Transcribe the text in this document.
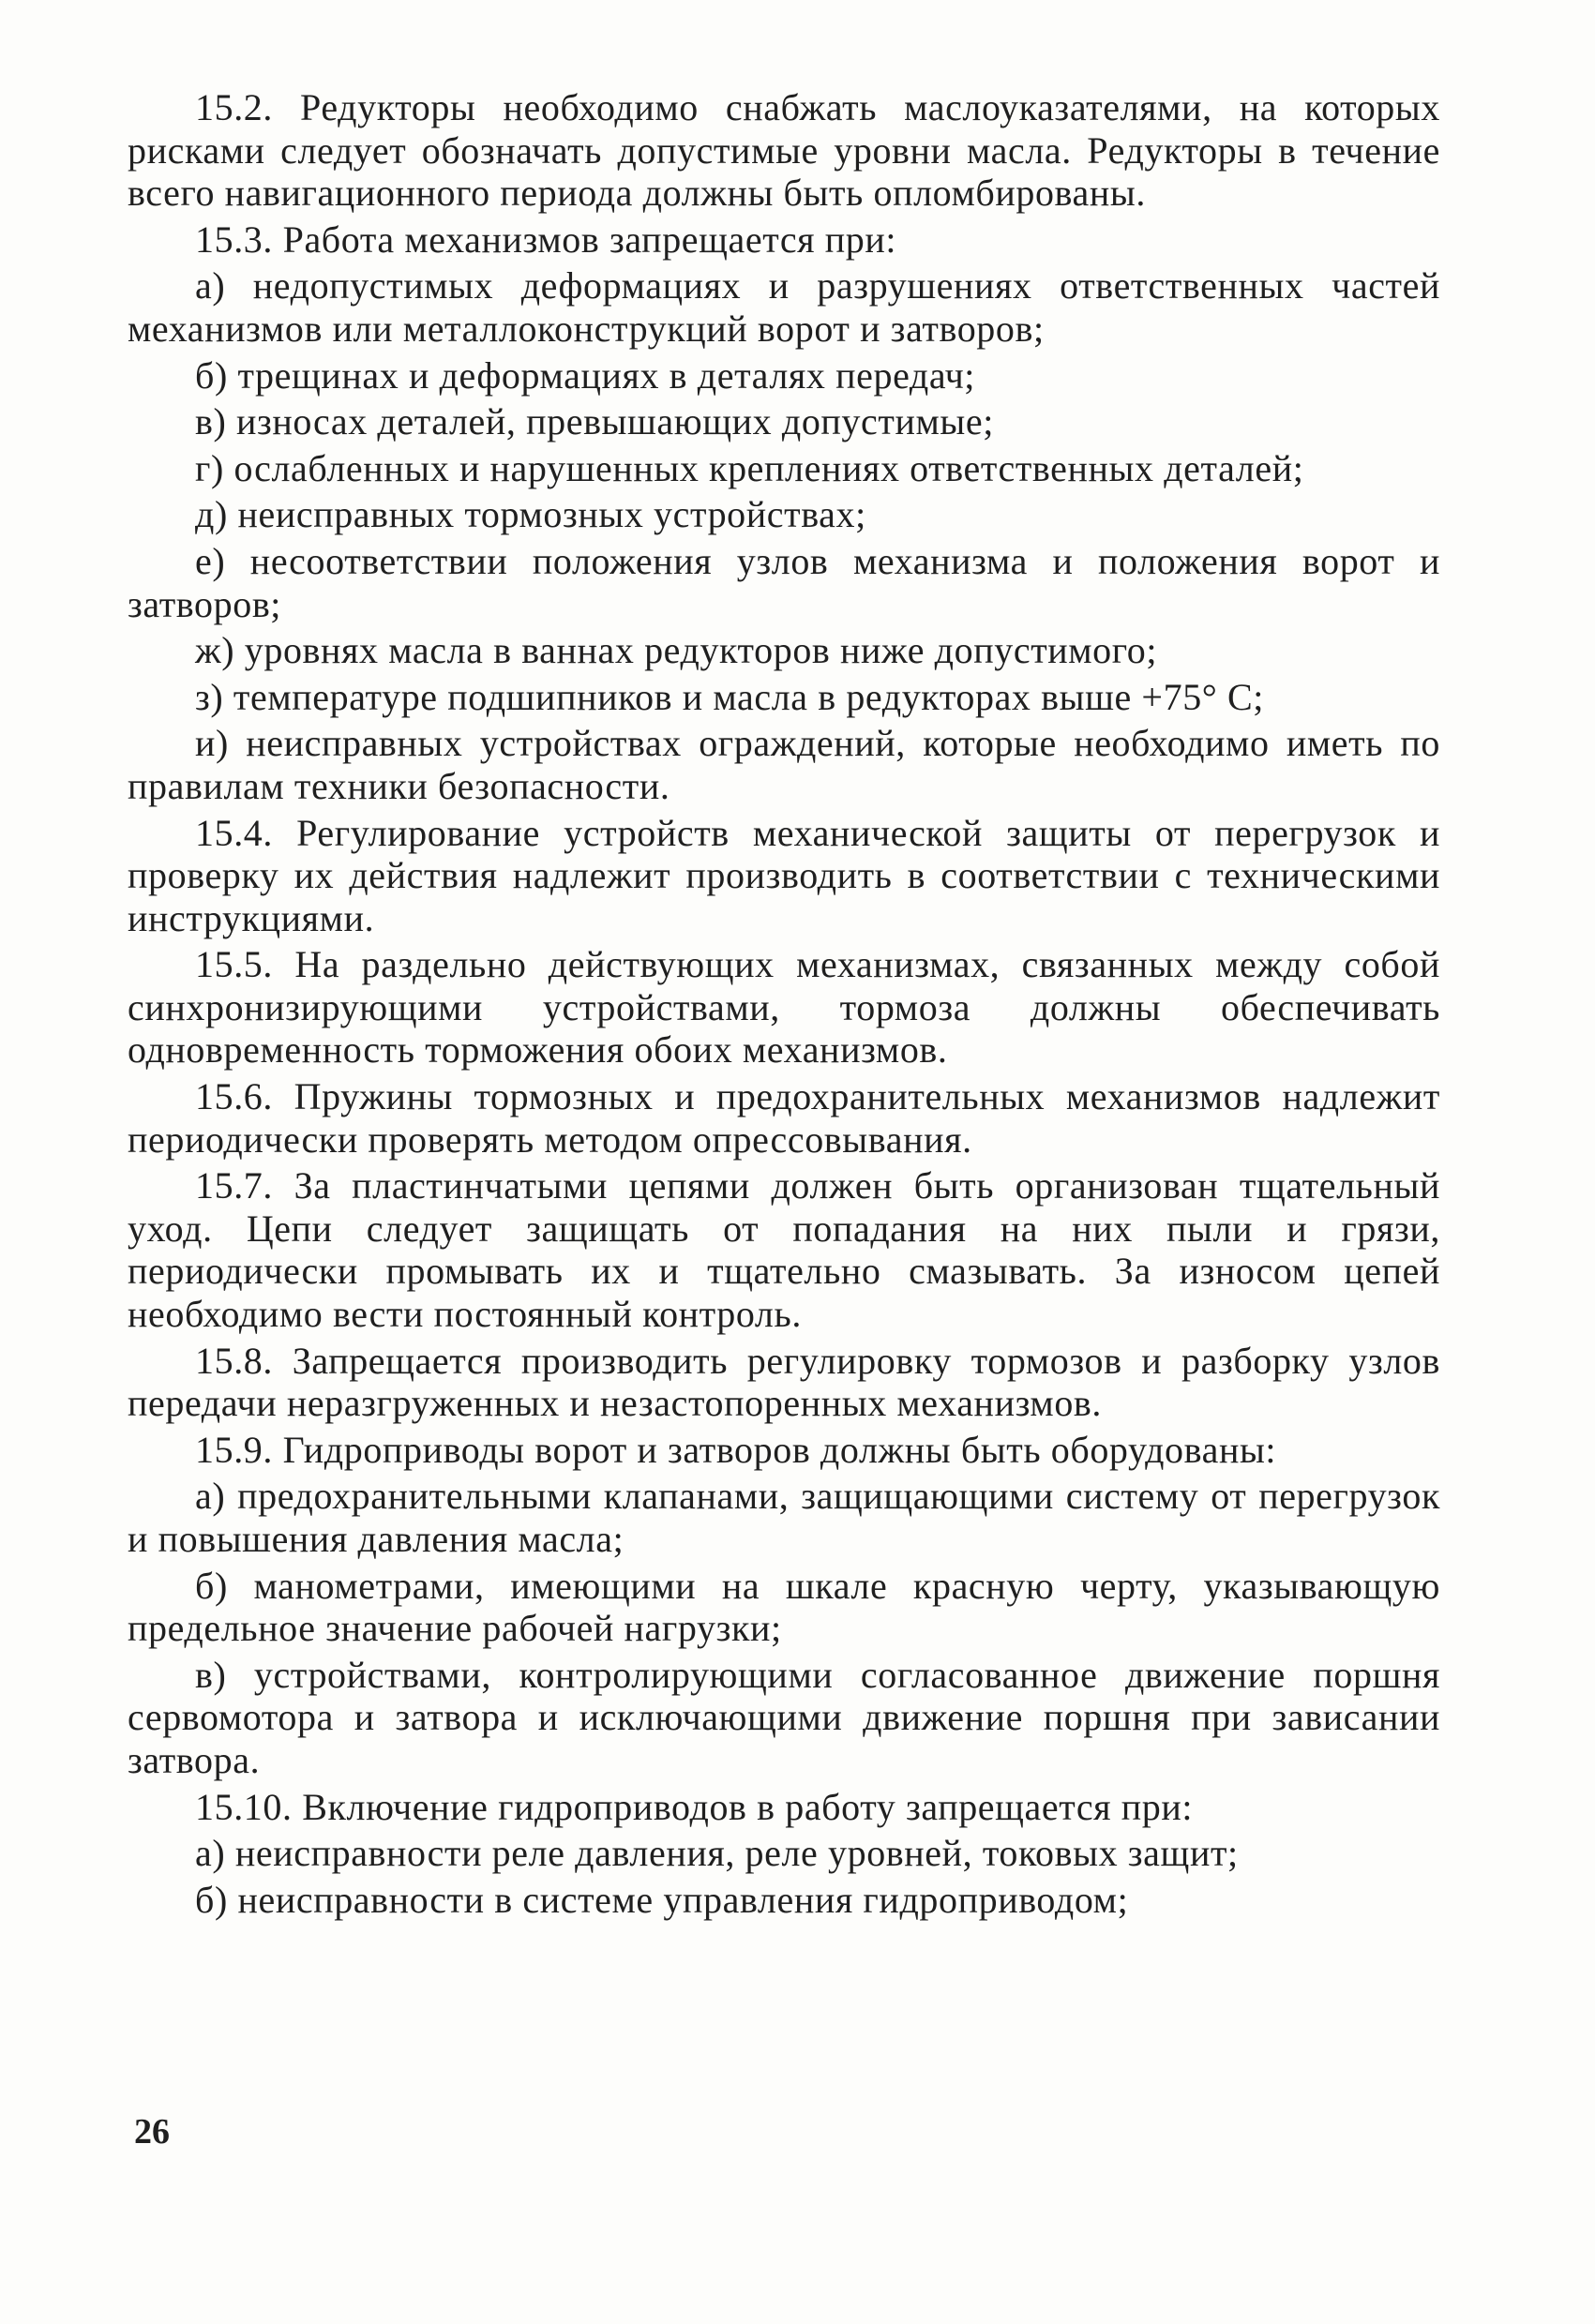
15.2. Редукторы необходимо снабжать маслоуказателями, на которых рисками следует обозначать допустимые уровни масла. Редукторы в течение всего навигационного периода должны быть опломбированы.

15.3. Работа механизмов запрещается при:

а) недопустимых деформациях и разрушениях ответственных частей механизмов или металлоконструкций ворот и затворов;

б) трещинах и деформациях в деталях передач;

в) износах деталей, превышающих допустимые;

г) ослабленных и нарушенных креплениях ответственных деталей;

д) неисправных тормозных устройствах;

е) несоответствии положения узлов механизма и положения ворот и затворов;

ж) уровнях масла в ваннах редукторов ниже допустимого;

з) температуре подшипников и масла в редукторах выше +75° С;

и) неисправных устройствах ограждений, которые необходимо иметь по правилам техники безопасности.

15.4. Регулирование устройств механической защиты от перегрузок и проверку их действия надлежит производить в соответствии с техническими инструкциями.

15.5. На раздельно действующих механизмах, связанных между собой синхронизирующими устройствами, тормоза должны обеспечивать одновременность торможения обоих механизмов.

15.6. Пружины тормозных и предохранительных механизмов надлежит периодически проверять методом опрессовывания.

15.7. За пластинчатыми цепями должен быть организован тщательный уход. Цепи следует защищать от попадания на них пыли и грязи, периодически промывать их и тщательно смазывать. За износом цепей необходимо вести постоянный контроль.

15.8. Запрещается производить регулировку тормозов и разборку узлов передачи неразгруженных и незастопоренных механизмов.

15.9. Гидроприводы ворот и затворов должны быть оборудованы:

а) предохранительными клапанами, защищающими систему от перегрузок и повышения давления масла;

б) манометрами, имеющими на шкале красную черту, указывающую предельное значение рабочей нагрузки;

в) устройствами, контролирующими согласованное движение поршня сервомотора и затвора и исключающими движение поршня при зависании затвора.

15.10. Включение гидроприводов в работу запрещается при:

а) неисправности реле давления, реле уровней, токовых защит;

б) неисправности в системе управления гидроприводом;

26
